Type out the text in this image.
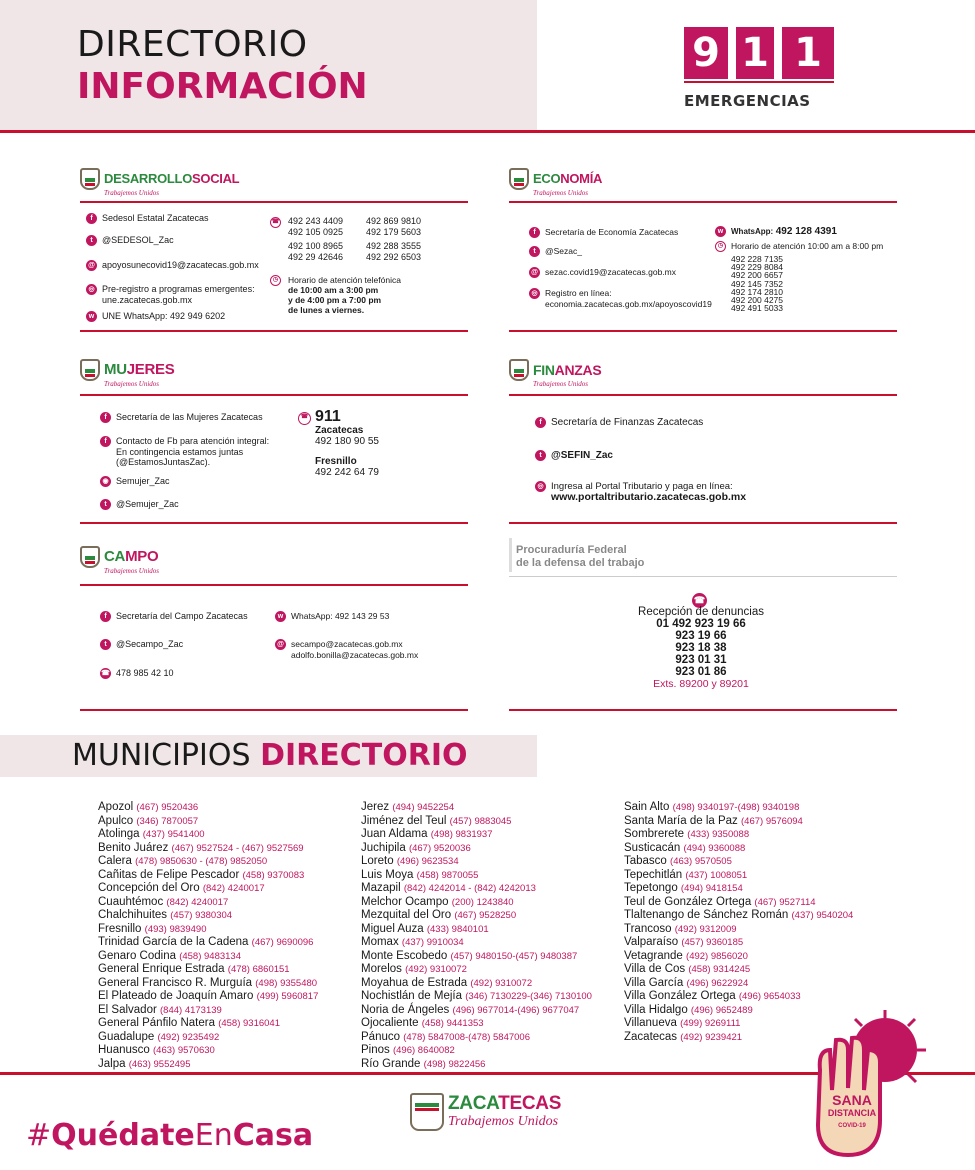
DIRECTORIO
INFORMACIÓN
9 1 1
EMERGENCIAS
DESARROLLOSOCIAL
Trabajemos Unidos
f Sedesol Estatal Zacatecas
t @SEDESOL_Zac
@ apoyosunecovid19@zacatecas.gob.mx
◎ Pre-registro a programas emergentes:
une.zacatecas.gob.mx
w UNE WhatsApp: 492 949 6202
☎ 492 243 4409	492 869 9810
492 105 0925	492 179 5603
492 100 8965	492 288 3555
492 29 42646	492 292 6503
◷	Horario de atención telefónica
de 10:00 am a 3:00 pm
y de 4:00 pm a 7:00 pm
de lunes a viernes.
ECONOMÍA
Trabajemos Unidos
f Secretaría de Economía Zacatecas
t @Sezac_
@ sezac.covid19@zacatecas.gob.mx
◎ Registro en línea:
economia.zacatecas.gob.mx/apoyoscovid19
w WhatsApp: 492 128 4391
◷ Horario de atención 10:00 am a 8:00 pm
492 228 7135
492 229 8084
492 200 6657
492 145 7352
492 174 2810
492 200 4275
492 491 5033
MUJERES
Trabajemos Unidos
f Secretaría de las Mujeres Zacatecas
f Contacto de Fb para atención integral:
En contingencia estamos juntas
(@EstamosJuntasZac).
◉ Semujer_Zac
t @Semujer_Zac
☎ 911
Zacatecas
492 180 90 55
Fresnillo
492 242 64 79
FINANZAS
Trabajemos Unidos
f Secretaría de Finanzas Zacatecas
t @SEFIN_Zac
◎ Ingresa al Portal Tributario y paga en línea:
www.portaltributario.zacatecas.gob.mx
CAMPO
Trabajemos Unidos
f Secretaría del Campo Zacatecas
t @Secampo_Zac
☎ 478 985 42 10
w WhatsApp: 492 143 29 53
@ secampo@zacatecas.gob.mx
adolfo.bonilla@zacatecas.gob.mx
Procuraduría Federal
de la defensa del trabajo
☎
Recepción de denuncias
01 492 923 19 66
923 19 66
923 18 38
923 01 31
923 01 86
Exts. 89200 y 89201
MUNICIPIOS DIRECTORIO
Apozol (467) 9520436
Apulco (346) 7870057
Atolinga (437) 9541400
Benito Juárez (467) 9527524 - (467) 9527569
Calera (478) 9850630 - (478) 9852050
Cañitas de Felipe Pescador (458) 9370083
Concepción del Oro (842) 4240017
Cuauhtémoc (842) 4240017
Chalchihuites (457) 9380304
Fresnillo (493) 9839490
Trinidad García de la Cadena (467) 9690096
Genaro Codina (458) 9483134
General Enrique Estrada (478) 6860151
General Francisco R. Murguía (498) 9355480
El Plateado de Joaquín Amaro (499) 5960817
El Salvador (844) 4173139
General Pánfilo Natera (458) 9316041
Guadalupe (492) 9235492
Huanusco (463) 9570630
Jalpa (463) 9552495
Jerez (494) 9452254
Jiménez del Teul (457) 9883045
Juan Aldama (498) 9831937
Juchipila (467) 9520036
Loreto (496) 9623534
Luis Moya (458) 9870055
Mazapil (842) 4242014 - (842) 4242013
Melchor Ocampo (200) 1243840
Mezquital del Oro (467) 9528250
Miguel Auza (433) 9840101
Momax (437) 9910034
Monte Escobedo (457) 9480150-(457) 9480387
Morelos (492) 9310072
Moyahua de Estrada (492) 9310072
Nochistlán de Mejía (346) 7130229-(346) 7130100
Noria de Ángeles (496) 9677014-(496) 9677047
Ojocaliente (458) 9441353
Pánuco (478) 5847008-(478) 5847006
Pinos (496) 8640082
Río Grande (498) 9822456
Sain Alto (498) 9340197-(498) 9340198
Santa María de la Paz (467) 9576094
Sombrerete (433) 9350088
Susticacán (494) 9360088
Tabasco (463) 9570505
Tepechitlán (437) 1008051
Tepetongo (494) 9418154
Teul de González Ortega (467) 9527114
Tlaltenango de Sánchez Román (437) 9540204
Trancoso (492) 9312009
Valparaíso (457) 9360185
Vetagrande (492) 9856020
Villa de Cos (458) 9314245
Villa García (496) 9622924
Villa González Ortega (496) 9654033
Villa Hidalgo (496) 9652489
Villanueva (499) 9269111
Zacatecas (492) 9239421
#QuédateEnCasa
ZACATECAS
Trabajemos Unidos
SANA
DISTANCIA
COVID-19
